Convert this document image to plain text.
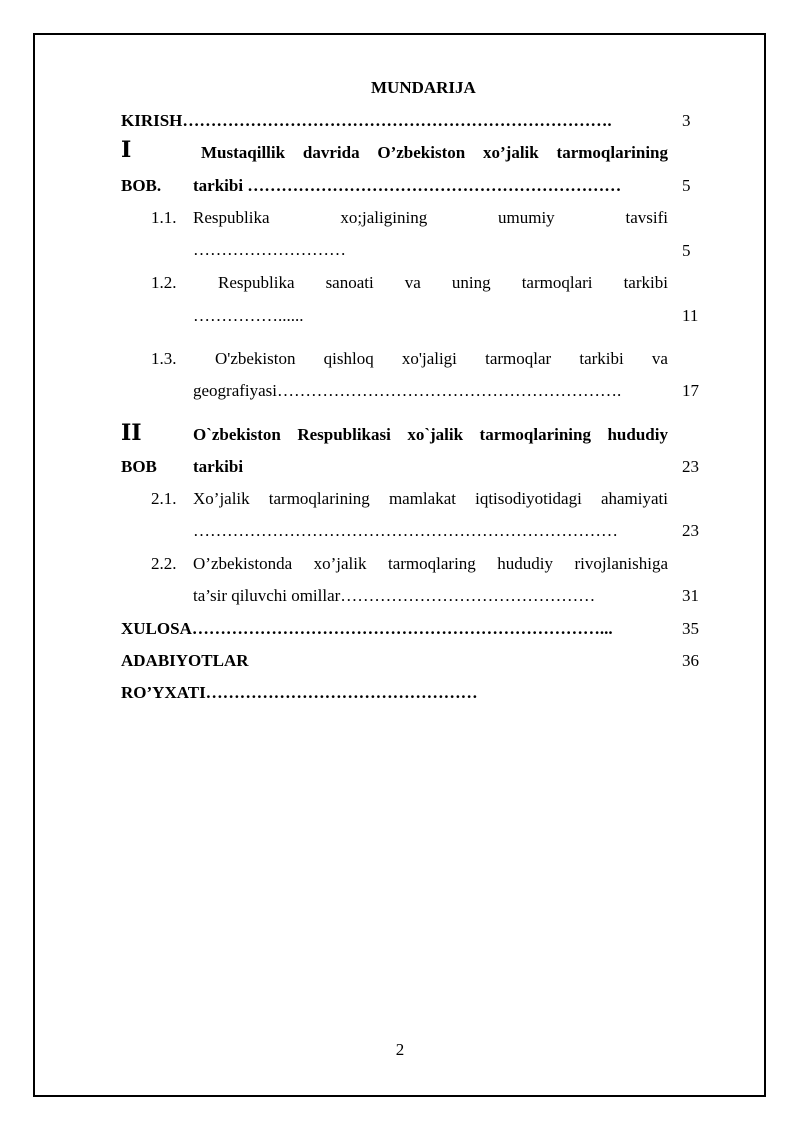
MUNDARIJA
KIRISH………………………………………………………………….	3
I	Mustaqillik davrida O’zbekiston xo’jalik tarmoqlarining
BOB. tarkibi …………………………………………………………	5
1.1. Respublika	xo;jaligining	umumiy	tavsifi
………………………	5
1.2. Respublika sanoati va uning tarmoqlari tarkibi
……………......	11
1.3. O'zbekiston qishloq xo'jaligi tarmoqlar tarkibi va
geografiyasi…………………………………………………….	17
II	O`zbekiston Respublikasi xo`jalik tarmoqlarining hududiy
BOB tarkibi	23
2.1. Xo’jalik tarmoqlarining mamlakat iqtisodiyotidagi ahamiyati
…………………………………………………………………	23
2.2. O’zbekistonda xo’jalik tarmoqlaring hududiy rivojlanishiga
ta’sir qiluvchi omillar………………………………………	31
XULOSA………………………………………………………………...	35
ADABIYOTLAR	36
RO’YXATI…………………………………………
2
